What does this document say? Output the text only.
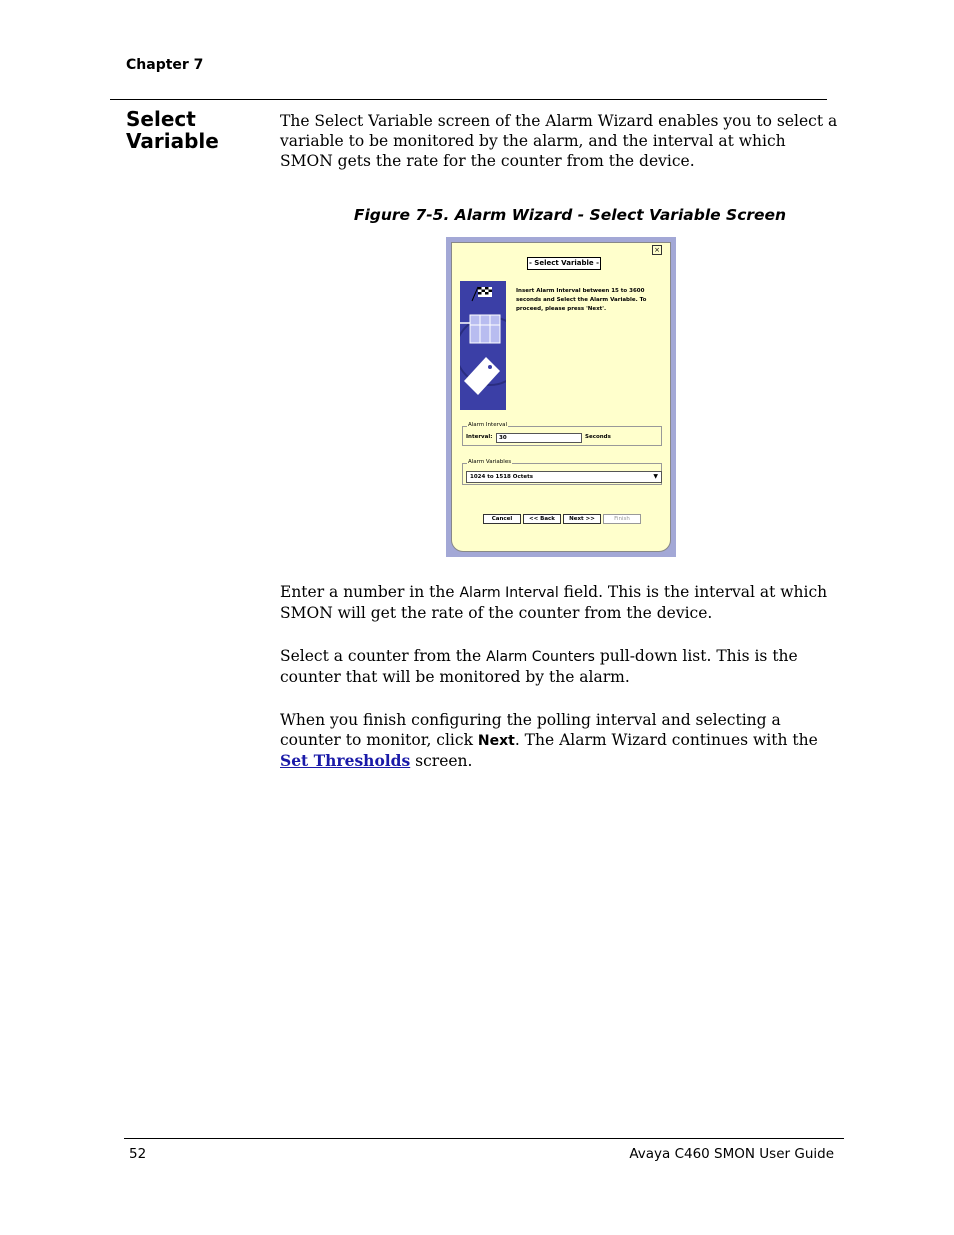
Chapter 7
Select Variable
The Select Variable screen of the Alarm Wizard enables you to select a variable to be monitored by the alarm, and the interval at which SMON gets the rate for the counter from the device.
Figure 7-5. Alarm Wizard - Select Variable Screen
×
- Select Variable -
Insert Alarm Interval between 15 to 3600 seconds and Select the Alarm Variable. To proceed, please press 'Next'.
Alarm Interval
Interval:	30	Seconds
Alarm Variables
1024 to 1518 Octets	▼
Cancel	<< Back	Next >>	Finish
Enter a number in the Alarm Interval field. This is the interval at which SMON will get the rate of the counter from the device.
Select a counter from the Alarm Counters pull-down list. This is the counter that will be monitored by the alarm.
When you finish configuring the polling interval and selecting a counter to monitor, click Next. The Alarm Wizard continues with the Set Thresholds screen.
52	Avaya C460 SMON User Guide
